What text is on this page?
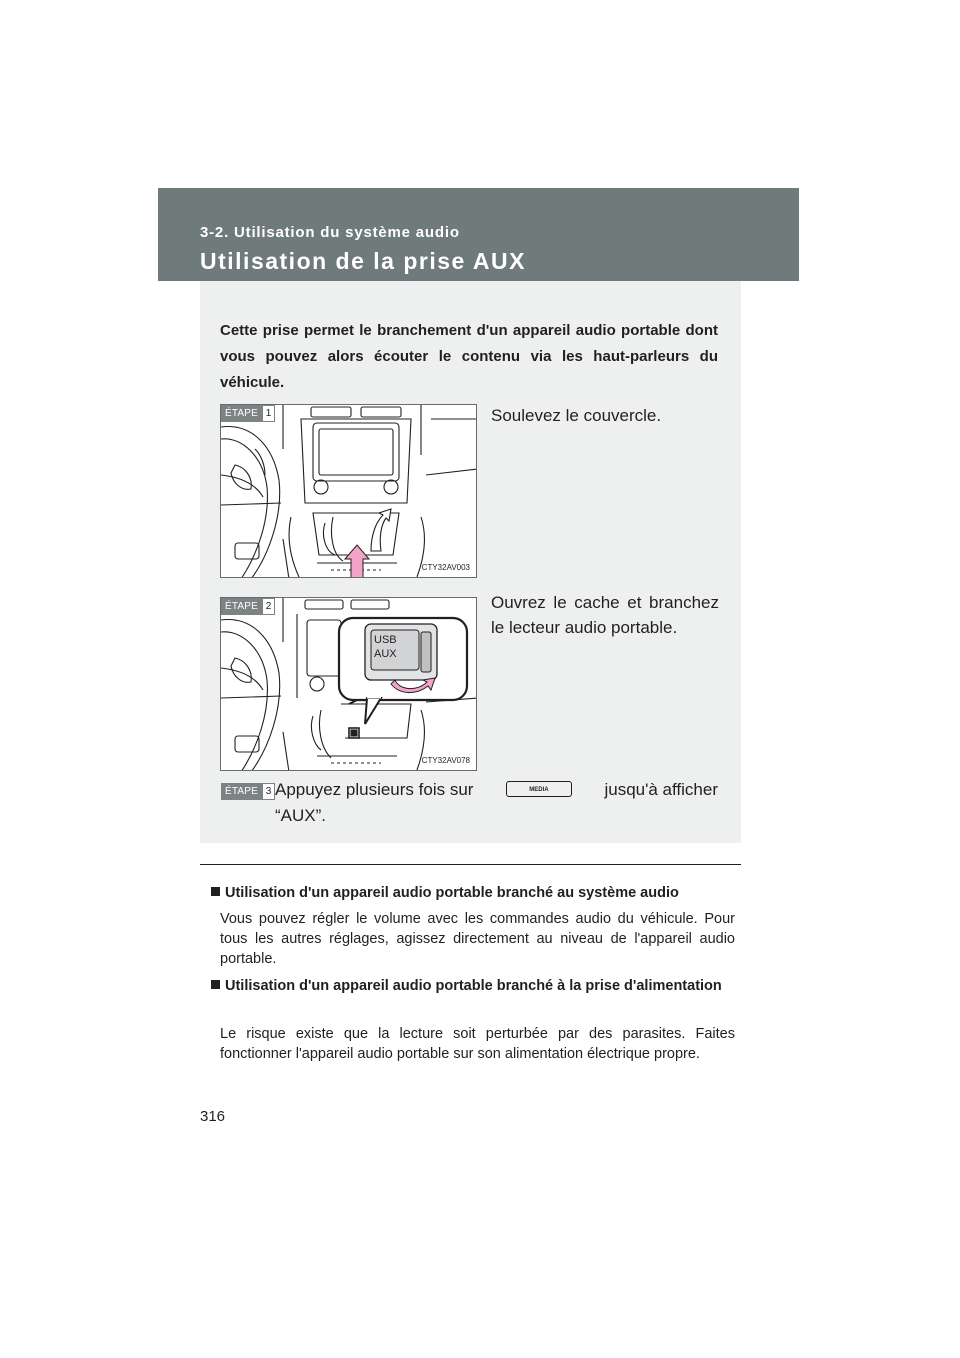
3-2. Utilisation du système audio
Utilisation de la prise AUX
Cette prise permet le branchement d'un appareil audio portable dont vous pouvez alors écouter le contenu via les haut-parleurs du véhicule.
CTY32AV003
ÉTAPE 1	Soulevez le couvercle.
USB
AUX
CTY32AV078
ÉTAPE 2	Ouvrez le cache et branchez le lecteur audio portable.
ÉTAPE 3 Appuyez plusieurs fois sur	MEDIA	jusqu'à afficher
“AUX”.
Utilisation d'un appareil audio portable branché au système audio
Vous pouvez régler le volume avec les commandes audio du véhicule. Pour tous les autres réglages, agissez directement au niveau de l'appareil audio portable.
Utilisation d'un appareil audio portable branché à la prise d'alimentation
Le risque existe que la lecture soit perturbée par des parasites. Faites fonctionner l'appareil audio portable sur son alimentation électrique propre.
316
